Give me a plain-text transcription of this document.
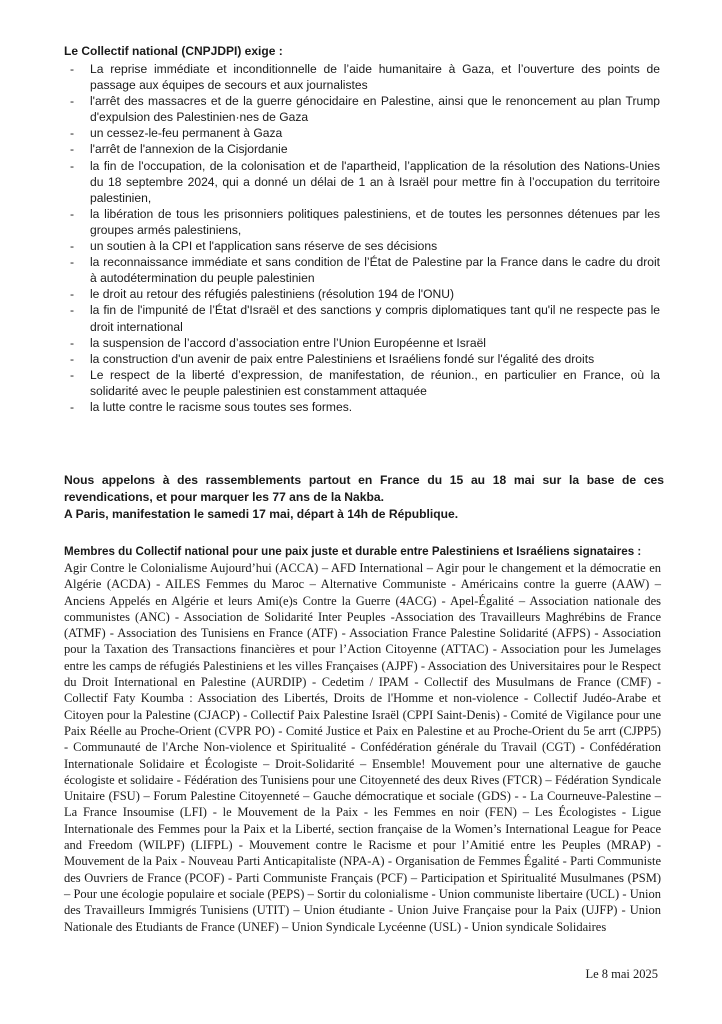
Le Collectif national (CNPJDPI) exige :
- La reprise immédiate et inconditionnelle de l’aide humanitaire à Gaza, et l’ouverture des points de passage aux équipes de secours et aux journalistes
- l'arrêt des massacres et de la guerre génocidaire en Palestine, ainsi que le renoncement au plan Trump d'expulsion des Palestinien·nes de Gaza
- un cessez-le-feu permanent à Gaza
- l'arrêt de l'annexion de la Cisjordanie
- la fin de l'occupation, de la colonisation et de l'apartheid, l’application de la résolution des Nations-Unies du 18 septembre 2024, qui a donné un délai de 1 an à Israël pour mettre fin à l’occupation du territoire palestinien,
- la libération de tous les prisonniers politiques palestiniens, et de toutes les personnes détenues par les groupes armés palestiniens,
- un soutien à la CPI et l'application sans réserve de ses décisions
- la reconnaissance immédiate et sans condition de l’État de Palestine par la France dans le cadre du droit à autodétermination du peuple palestinien
- le droit au retour des réfugiés palestiniens (résolution 194 de l'ONU)
- la fin de l'impunité de l’État d'Israël et des sanctions y compris diplomatiques tant qu'il ne respecte pas le droit international
- la suspension de l’accord d’association entre l’Union Européenne et Israël
- la construction d'un avenir de paix entre Palestiniens et Israéliens fondé sur l'égalité des droits
- Le respect de la liberté d’expression, de manifestation, de réunion., en particulier en France, où la solidarité avec le peuple palestinien est constamment attaquée
- la lutte contre le racisme sous toutes ses formes.
Nous appelons à des rassemblements partout en France du 15 au 18 mai sur la base de ces revendications, et pour marquer les 77 ans de la Nakba.
A Paris, manifestation le samedi 17 mai, départ à 14h de République.
Membres du Collectif national pour une paix juste et durable entre Palestiniens et Israéliens signataires :

Agir Contre le Colonialisme Aujourd’hui (ACCA) – AFD International – Agir pour le changement et la démocratie en Algérie (ACDA) - AILES Femmes du Maroc – Alternative Communiste - Américains contre la guerre (AAW) – Anciens Appelés en Algérie et leurs Ami(e)s Contre la Guerre (4ACG) - Apel-Égalité – Association nationale des communistes (ANC) - Association de Solidarité Inter Peuples -Association des Travailleurs Maghrébins de France (ATMF) - Association des Tunisiens en France (ATF) - Association France Palestine Solidarité (AFPS) - Association pour la Taxation des Transactions financières et pour l’Action Citoyenne (ATTAC) - Association pour les Jumelages entre les camps de réfugiés Palestiniens et les villes Françaises (AJPF) - Association des Universitaires pour le Respect du Droit International en Palestine (AURDIP) - Cedetim / IPAM - Collectif des Musulmans de France (CMF) - Collectif Faty Koumba : Association des Libertés, Droits de l'Homme et non-violence - Collectif Judéo-Arabe et Citoyen pour la Palestine (CJACP) - Collectif Paix Palestine Israël (CPPI Saint-Denis) - Comité de Vigilance pour une Paix Réelle au Proche-Orient (CVPR PO) - Comité Justice et Paix en Palestine et au Proche-Orient du 5e arrt (CJPP5) - Communauté de l'Arche Non-violence et Spiritualité - Confédération générale du Travail (CGT) - Confédération Internationale Solidaire et Écologiste – Droit-Solidarité – Ensemble! Mouvement pour une alternative de gauche écologiste et solidaire - Fédération des Tunisiens pour une Citoyenneté des deux Rives (FTCR) – Fédération Syndicale Unitaire (FSU) – Forum Palestine Citoyenneté – Gauche démocratique et sociale (GDS) - - La Courneuve-Palestine – La France Insoumise (LFI) - le Mouvement de la Paix - les Femmes en noir (FEN) – Les Écologistes - Ligue Internationale des Femmes pour la Paix et la Liberté, section française de la Women’s International League for Peace and Freedom (WILPF) (LIFPL) - Mouvement contre le Racisme et pour l’Amitié entre les Peuples (MRAP) - Mouvement de la Paix - Nouveau Parti Anticapitaliste (NPA-A) - Organisation de Femmes Égalité - Parti Communiste des Ouvriers de France (PCOF) - Parti Communiste Français (PCF) – Participation et Spiritualité Musulmanes (PSM) – Pour une écologie populaire et sociale (PEPS) – Sortir du colonialisme - Union communiste libertaire (UCL) - Union des Travailleurs Immigrés Tunisiens (UTIT) – Union étudiante - Union Juive Française pour la Paix (UJFP) - Union Nationale des Etudiants de France (UNEF) – Union Syndicale Lycéenne (USL) - Union syndicale Solidaires

Le 8 mai 2025
